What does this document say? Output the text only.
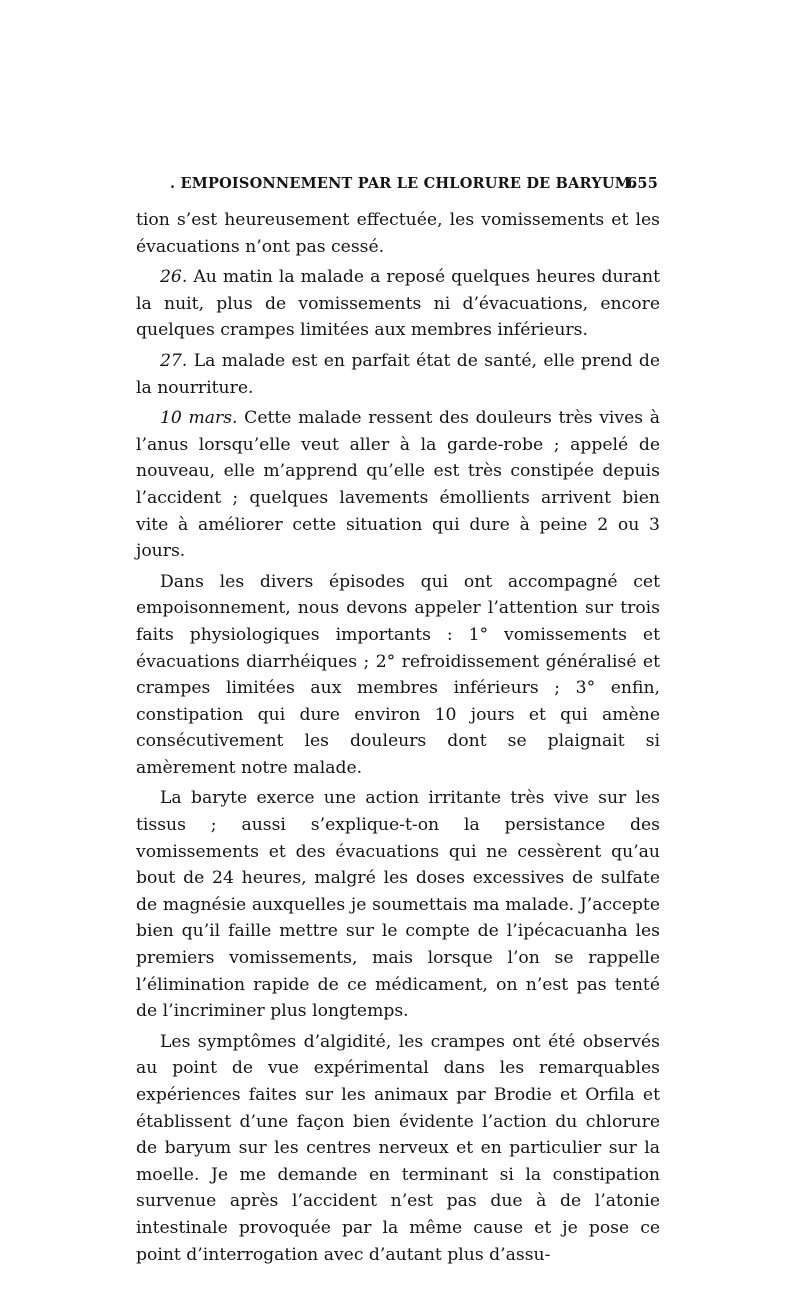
. EMPOISONNEMENT PAR LE CHLORURE DE BARYUM.
655

tion s’est heureusement effectuée, les vomissements et les évacuations n’ont pas cessé.

26. Au matin la malade a reposé quelques heures durant la nuit, plus de vomissements ni d’évacuations, encore quelques crampes limitées aux membres inférieurs.

27. La malade est en parfait état de santé, elle prend de la nourriture.

10 mars. Cette malade ressent des douleurs très vives à l’anus lorsqu’elle veut aller à la garde-robe ; appelé de nouveau, elle m’apprend qu’elle est très constipée depuis l’accident ; quelques lavements émollients arrivent bien vite à améliorer cette situation qui dure à peine 2 ou 3 jours.

Dans les divers épisodes qui ont accompagné cet empoisonnement, nous devons appeler l’attention sur trois faits physiologiques importants : 1° vomissements et évacuations diarrhéiques ; 2° refroidissement généralisé et crampes limitées aux membres inférieurs ; 3° enfin, constipation qui dure environ 10 jours et qui amène consécutivement les douleurs dont se plaignait si amèrement notre malade.

La baryte exerce une action irritante très vive sur les tissus ; aussi s’explique-t-on la persistance des vomissements et des évacuations qui ne cessèrent qu’au bout de 24 heures, malgré les doses excessives de sulfate de magnésie auxquelles je soumettais ma malade. J’accepte bien qu’il faille mettre sur le compte de l’ipécacuanha les premiers vomissements, mais lorsque l’on se rappelle l’élimination rapide de ce médicament, on n’est pas tenté de l’incriminer plus longtemps.

Les symptômes d’algidité, les crampes ont été observés au point de vue expérimental dans les remarquables expériences faites sur les animaux par Brodie et Orfila et établissent d’une façon bien évidente l’action du chlorure de baryum sur les centres nerveux et en particulier sur la moelle. Je me demande en terminant si la constipation survenue après l’accident n’est pas due à de l’atonie intestinale provoquée par la même cause et je pose ce point d’interrogation avec d’autant plus d’assu-
